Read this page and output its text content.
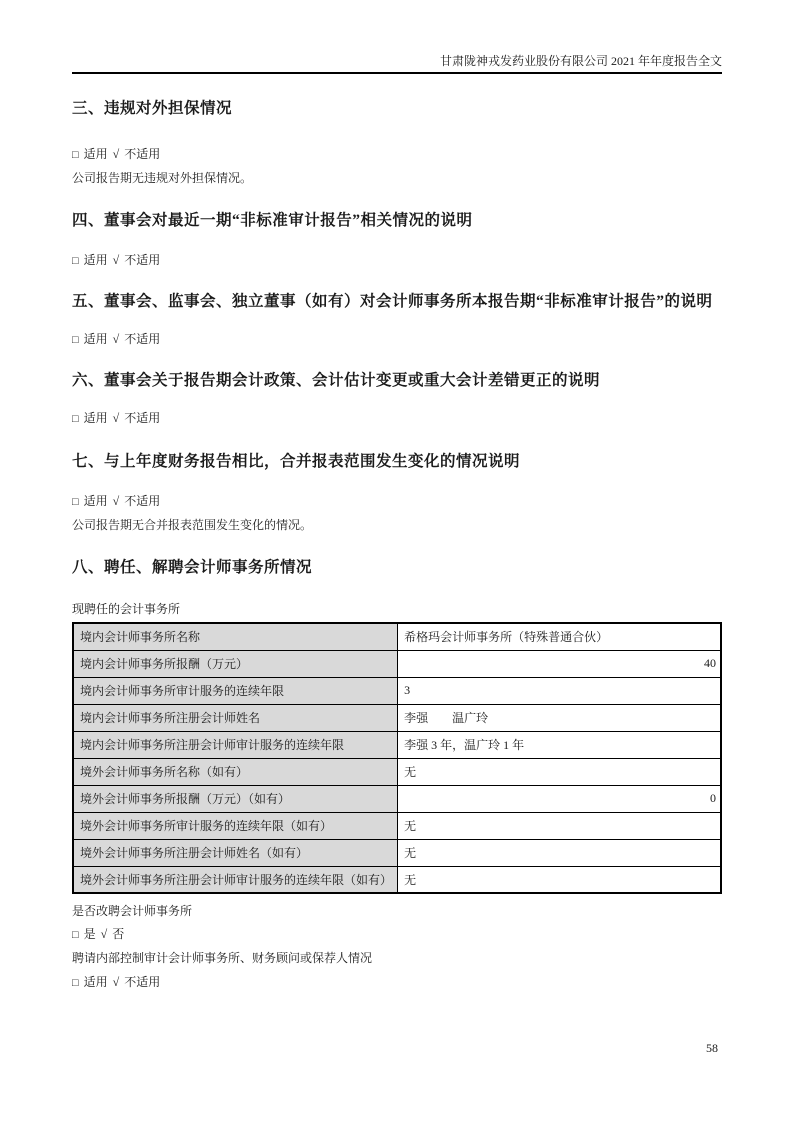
甘肃陇神戎发药业股份有限公司 2021 年年度报告全文
三、违规对外担保情况

□ 适用 √ 不适用

公司报告期无违规对外担保情况。

四、董事会对最近一期“非标准审计报告”相关情况的说明

□ 适用 √ 不适用

五、董事会、监事会、独立董事（如有）对会计师事务所本报告期“非标准审计报告”的说明

□ 适用 √ 不适用

六、董事会关于报告期会计政策、会计估计变更或重大会计差错更正的说明

□ 适用 √ 不适用

七、与上年度财务报告相比，合并报表范围发生变化的情况说明

□ 适用 √ 不适用

公司报告期无合并报表范围发生变化的情况。

八、聘任、解聘会计师事务所情况

现聘任的会计事务所

境内会计师事务所名称	希格玛会计师事务所（特殊普通合伙）
境内会计师事务所报酬（万元）	40
境内会计师事务所审计服务的连续年限	3
境内会计师事务所注册会计师姓名	李强　　温广玲
境内会计师事务所注册会计师审计服务的连续年限	李强 3 年，温广玲 1 年
境外会计师事务所名称（如有）	无
境外会计师事务所报酬（万元）（如有）	0
境外会计师事务所审计服务的连续年限（如有）	无
境外会计师事务所注册会计师姓名（如有）	无
境外会计师事务所注册会计师审计服务的连续年限（如有）	无

是否改聘会计师事务所

□ 是 √ 否

聘请内部控制审计会计师事务所、财务顾问或保荐人情况

□ 适用 √ 不适用

58
